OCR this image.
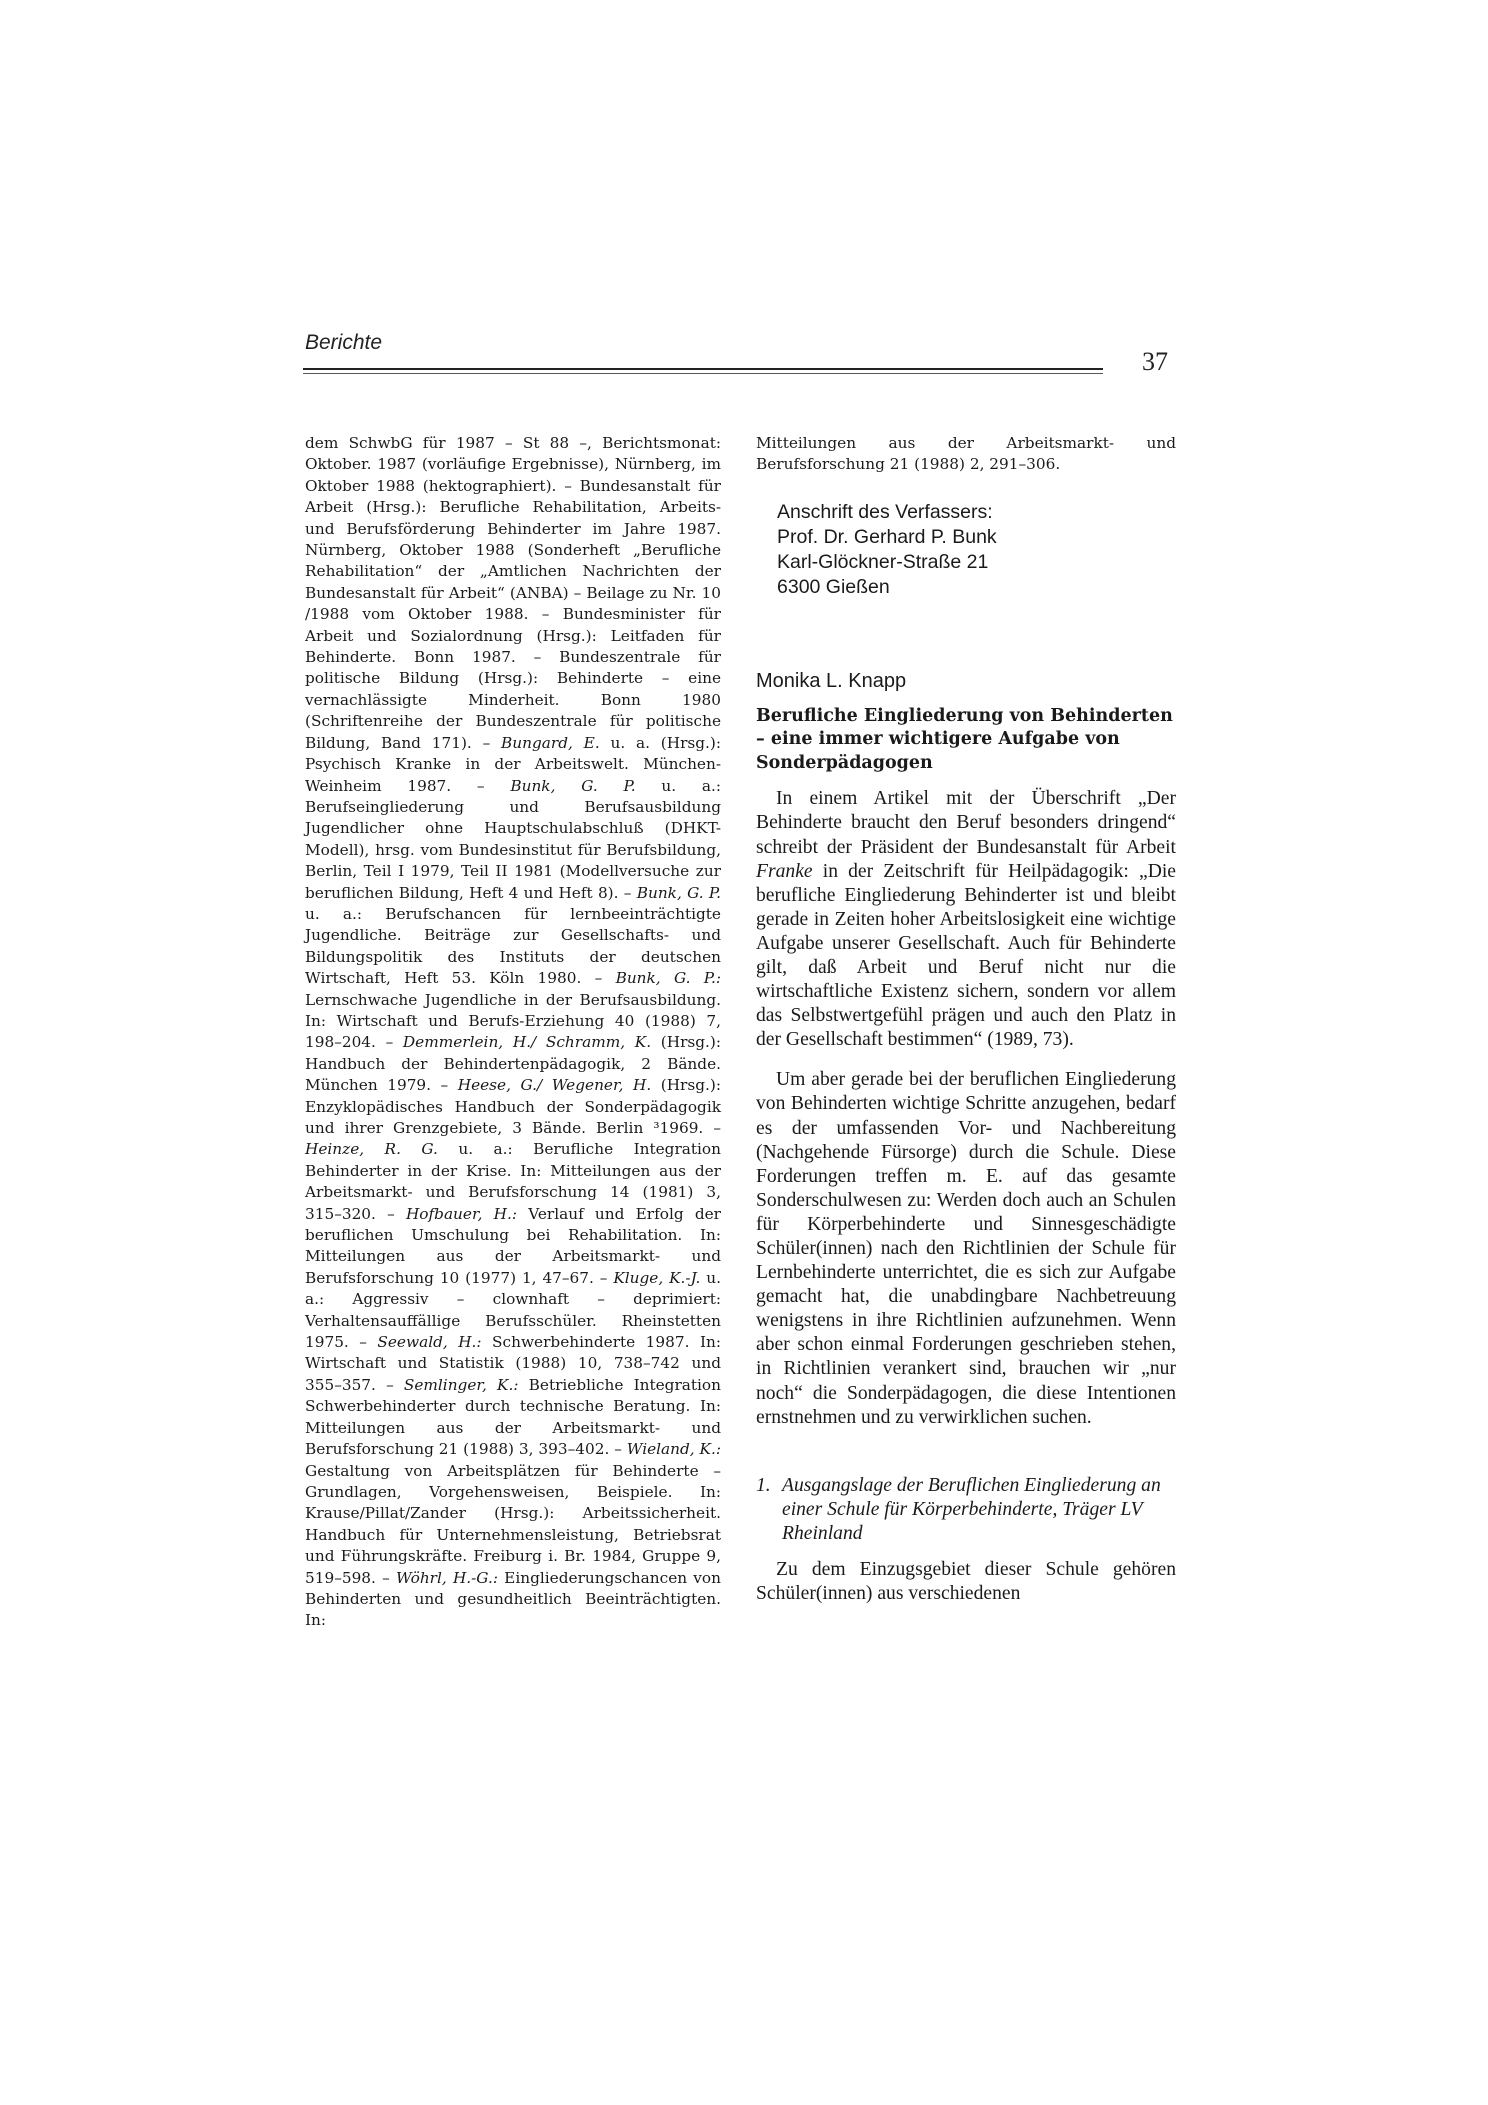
Berichte
37

dem SchwbG für 1987 – St 88 –, Berichtsmonat: Oktober. 1987 (vorläufige Ergebnisse), Nürnberg, im Oktober 1988 (hektographiert). – Bundesanstalt für Arbeit (Hrsg.): Berufliche Rehabilitation, Arbeits- und Berufsförderung Behinderter im Jahre 1987. Nürnberg, Oktober 1988 (Sonderheft „Berufliche Rehabilitation“ der „Amtlichen Nachrichten der Bundesanstalt für Arbeit“ (ANBA) – Beilage zu Nr. 10 /1988 vom Oktober 1988. – Bundesminister für Arbeit und Sozialordnung (Hrsg.): Leitfaden für Behinderte. Bonn 1987. – Bundeszentrale für politische Bildung (Hrsg.): Behinderte – eine vernachlässigte Minderheit. Bonn 1980 (Schriftenreihe der Bundeszentrale für politische Bildung, Band 171). – Bungard, E. u. a. (Hrsg.): Psychisch Kranke in der Arbeitswelt. München-Weinheim 1987. – Bunk, G. P. u. a.: Berufseingliederung und Berufsausbildung Jugendlicher ohne Hauptschulabschluß (DHKT-Modell), hrsg. vom Bundesinstitut für Berufsbildung, Berlin, Teil I 1979, Teil II 1981 (Modellversuche zur beruflichen Bildung, Heft 4 und Heft 8). – Bunk, G. P. u. a.: Berufschancen für lernbeeinträchtigte Jugendliche. Beiträge zur Gesellschafts- und Bildungspolitik des Instituts der deutschen Wirtschaft, Heft 53. Köln 1980. – Bunk, G. P.: Lernschwache Jugendliche in der Berufsausbildung. In: Wirtschaft und Berufs-Erziehung 40 (1988) 7, 198–204. – Demmerlein, H./ Schramm, K. (Hrsg.): Handbuch der Behindertenpädagogik, 2 Bände. München 1979. – Heese, G./ Wegener, H. (Hrsg.): Enzyklopädisches Handbuch der Sonderpädagogik und ihrer Grenzgebiete, 3 Bände. Berlin ³1969. – Heinze, R. G. u. a.: Berufliche Integration Behinderter in der Krise. In: Mitteilungen aus der Arbeitsmarkt- und Berufsforschung 14 (1981) 3, 315–320. – Hofbauer, H.: Verlauf und Erfolg der beruflichen Umschulung bei Rehabilitation. In: Mitteilungen aus der Arbeitsmarkt- und Berufsforschung 10 (1977) 1, 47–67. – Kluge, K.-J. u. a.: Aggressiv – clownhaft – deprimiert: Verhaltensauffällige Berufsschüler. Rheinstetten 1975. – Seewald, H.: Schwerbehinderte 1987. In: Wirtschaft und Statistik (1988) 10, 738–742 und 355–357. – Semlinger, K.: Betriebliche Integration Schwerbehinderter durch technische Beratung. In: Mitteilungen aus der Arbeitsmarkt- und Berufsforschung 21 (1988) 3, 393–402. – Wieland, K.: Gestaltung von Arbeitsplätzen für Behinderte – Grundlagen, Vorgehensweisen, Beispiele. In: Krause/Pillat/Zander (Hrsg.): Arbeitssicherheit. Handbuch für Unternehmensleistung, Betriebsrat und Führungskräfte. Freiburg i. Br. 1984, Gruppe 9, 519–598. – Wöhrl, H.-G.: Eingliederungschancen von Behinderten und gesundheitlich Beeinträchtigten. In:

Mitteilungen aus der Arbeitsmarkt- und Berufsforschung 21 (1988) 2, 291–306.

Anschrift des Verfassers:
Prof. Dr. Gerhard P. Bunk
Karl-Glöckner-Straße 21
6300 Gießen
Monika L. Knapp
Berufliche Eingliederung von Behinderten – eine immer wichtigere Aufgabe von Sonderpädagogen

In einem Artikel mit der Überschrift „Der Behinderte braucht den Beruf besonders dringend“ schreibt der Präsident der Bundesanstalt für Arbeit Franke in der Zeitschrift für Heilpädagogik: „Die berufliche Eingliederung Behinderter ist und bleibt gerade in Zeiten hoher Arbeitslosigkeit eine wichtige Aufgabe unserer Gesellschaft. Auch für Behinderte gilt, daß Arbeit und Beruf nicht nur die wirtschaftliche Existenz sichern, sondern vor allem das Selbstwertgefühl prägen und auch den Platz in der Gesellschaft bestimmen“ (1989, 73).

Um aber gerade bei der beruflichen Eingliederung von Behinderten wichtige Schritte anzugehen, bedarf es der umfassenden Vor- und Nachbereitung (Nachgehende Fürsorge) durch die Schule. Diese Forderungen treffen m. E. auf das gesamte Sonderschulwesen zu: Werden doch auch an Schulen für Körperbehinderte und Sinnesgeschädigte Schüler(innen) nach den Richtlinien der Schule für Lernbehinderte unterrichtet, die es sich zur Aufgabe gemacht hat, die unabdingbare Nachbetreuung wenigstens in ihre Richtlinien aufzunehmen. Wenn aber schon einmal Forderungen geschrieben stehen, in Richtlinien verankert sind, brauchen wir „nur noch“ die Sonderpädagogen, die diese Intentionen ernstnehmen und zu verwirklichen suchen.

1. Ausgangslage der Beruflichen Eingliederung an einer Schule für Körperbehinderte, Träger LV Rheinland

Zu dem Einzugsgebiet dieser Schule gehören Schüler(innen) aus verschiedenen
